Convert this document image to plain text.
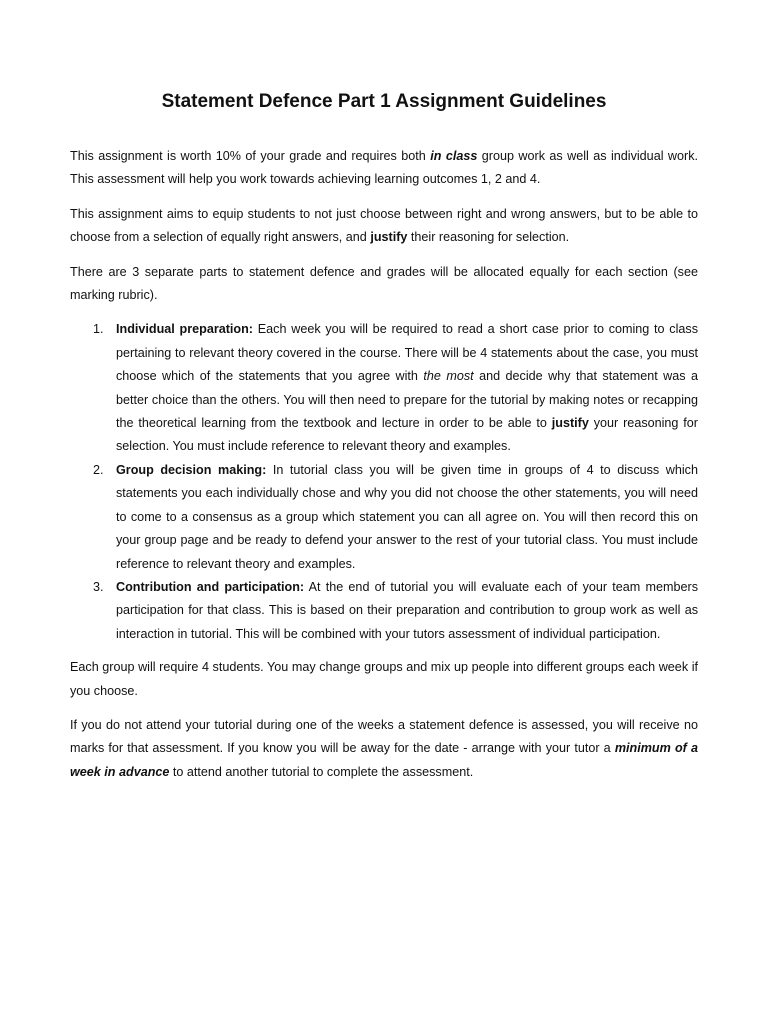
Statement Defence Part 1 Assignment Guidelines

This assignment is worth 10% of your grade and requires both in class group work as well as individual work. This assessment will help you work towards achieving learning outcomes 1, 2 and 4.

This assignment aims to equip students to not just choose between right and wrong answers, but to be able to choose from a selection of equally right answers, and justify their reasoning for selection.

There are 3 separate parts to statement defence and grades will be allocated equally for each section (see marking rubric).

1. Individual preparation: Each week you will be required to read a short case prior to coming to class pertaining to relevant theory covered in the course. There will be 4 statements about the case, you must choose which of the statements that you agree with the most and decide why that statement was a better choice than the others. You will then need to prepare for the tutorial by making notes or recapping the theoretical learning from the textbook and lecture in order to be able to justify your reasoning for selection. You must include reference to relevant theory and examples.
2. Group decision making: In tutorial class you will be given time in groups of 4 to discuss which statements you each individually chose and why you did not choose the other statements, you will need to come to a consensus as a group which statement you can all agree on. You will then record this on your group page and be ready to defend your answer to the rest of your tutorial class. You must include reference to relevant theory and examples.
3. Contribution and participation: At the end of tutorial you will evaluate each of your team members participation for that class. This is based on their preparation and contribution to group work as well as interaction in tutorial. This will be combined with your tutors assessment of individual participation.

Each group will require 4 students. You may change groups and mix up people into different groups each week if you choose.

If you do not attend your tutorial during one of the weeks a statement defence is assessed, you will receive no marks for that assessment. If you know you will be away for the date - arrange with your tutor a minimum of a week in advance to attend another tutorial to complete the assessment.
